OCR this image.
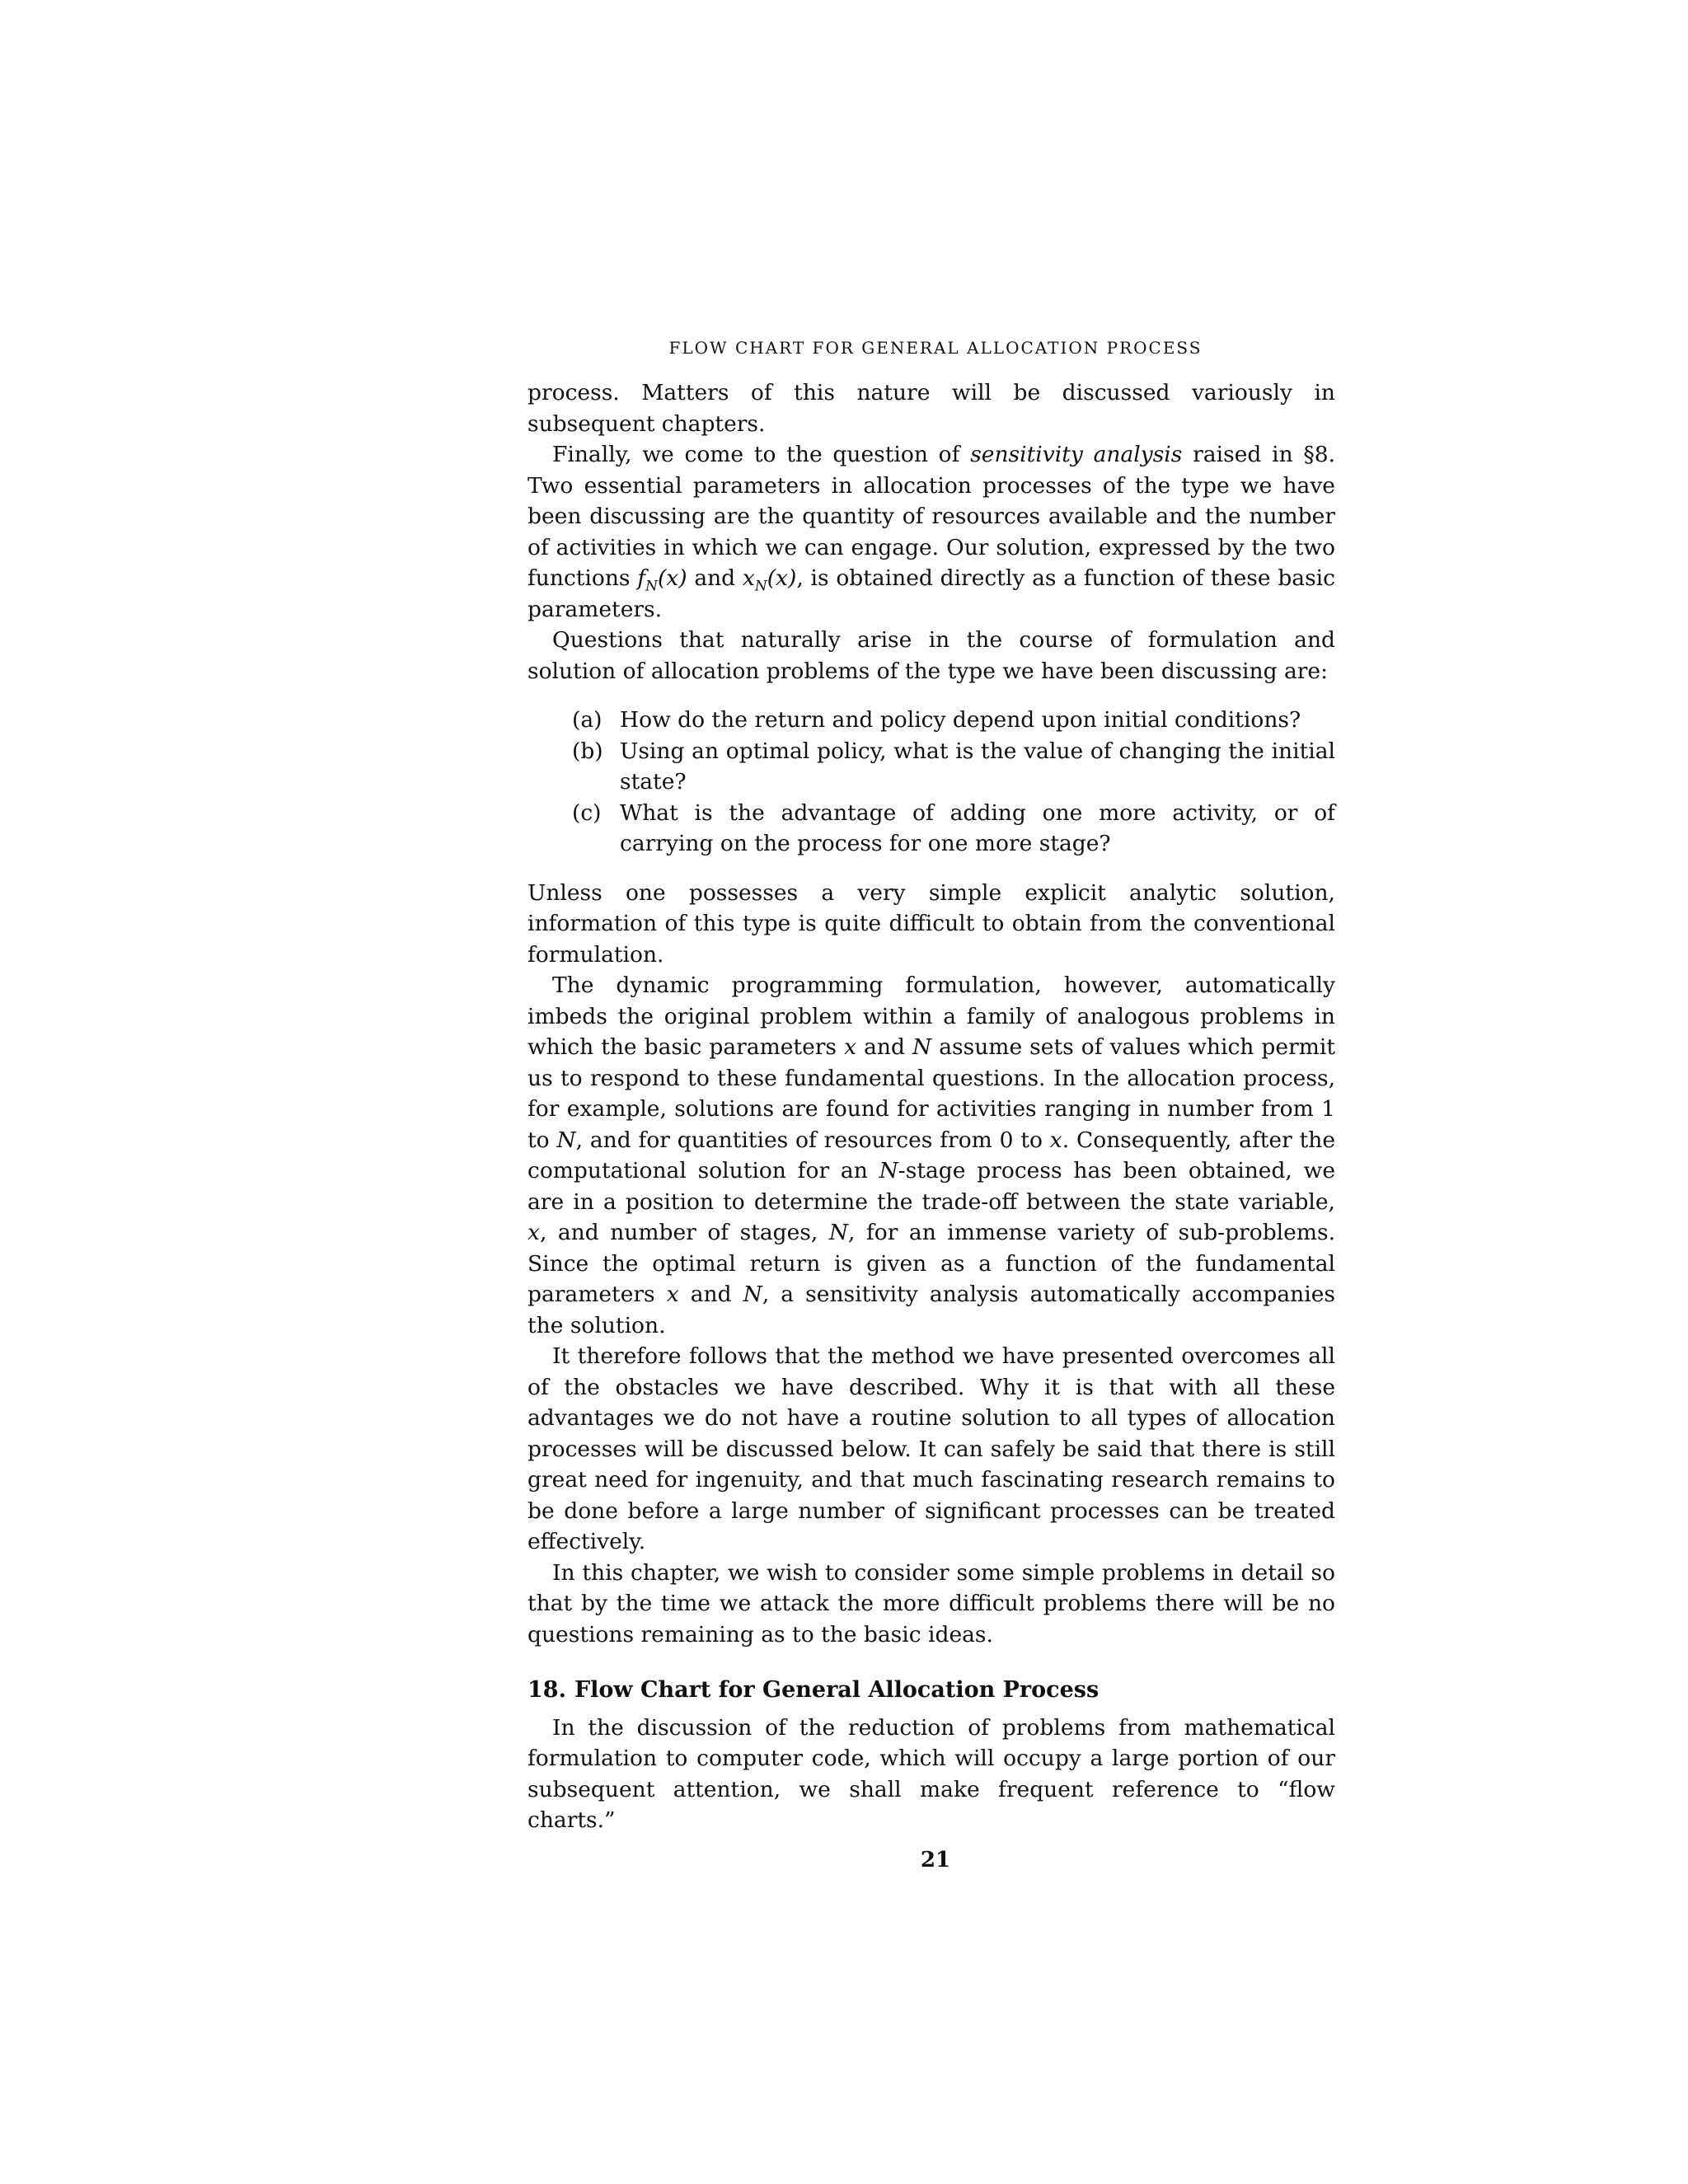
FLOW CHART FOR GENERAL ALLOCATION PROCESS

process. Matters of this nature will be discussed variously in subsequent chapters.

Finally, we come to the question of sensitivity analysis raised in §8. Two essential parameters in allocation processes of the type we have been discussing are the quantity of resources available and the number of activities in which we can engage. Our solution, expressed by the two functions $f_N(x)$ and $x_N(x)$, is obtained directly as a function of these basic parameters.

Questions that naturally arise in the course of formulation and solution of allocation problems of the type we have been discussing are:

(a) How do the return and policy depend upon initial conditions?
(b) Using an optimal policy, what is the value of changing the initial state?
(c) What is the advantage of adding one more activity, or of carrying on the process for one more stage?

Unless one possesses a very simple explicit analytic solution, information of this type is quite difficult to obtain from the conventional formulation.

The dynamic programming formulation, however, automatically imbeds the original problem within a family of analogous problems in which the basic parameters x and N assume sets of values which permit us to respond to these fundamental questions. In the allocation process, for example, solutions are found for activities ranging in number from 1 to N, and for quantities of resources from 0 to x. Consequently, after the computational solution for an N-stage process has been obtained, we are in a position to determine the trade-off between the state variable, x, and number of stages, N, for an immense variety of sub-problems. Since the optimal return is given as a function of the fundamental parameters x and N, a sensitivity analysis automatically accompanies the solution.

It therefore follows that the method we have presented overcomes all of the obstacles we have described. Why it is that with all these advantages we do not have a routine solution to all types of allocation processes will be discussed below. It can safely be said that there is still great need for ingenuity, and that much fascinating research remains to be done before a large number of significant processes can be treated effectively.

In this chapter, we wish to consider some simple problems in detail so that by the time we attack the more difficult problems there will be no questions remaining as to the basic ideas.

18. Flow Chart for General Allocation Process

In the discussion of the reduction of problems from mathematical formulation to computer code, which will occupy a large portion of our subsequent attention, we shall make frequent reference to “flow charts.”

21
